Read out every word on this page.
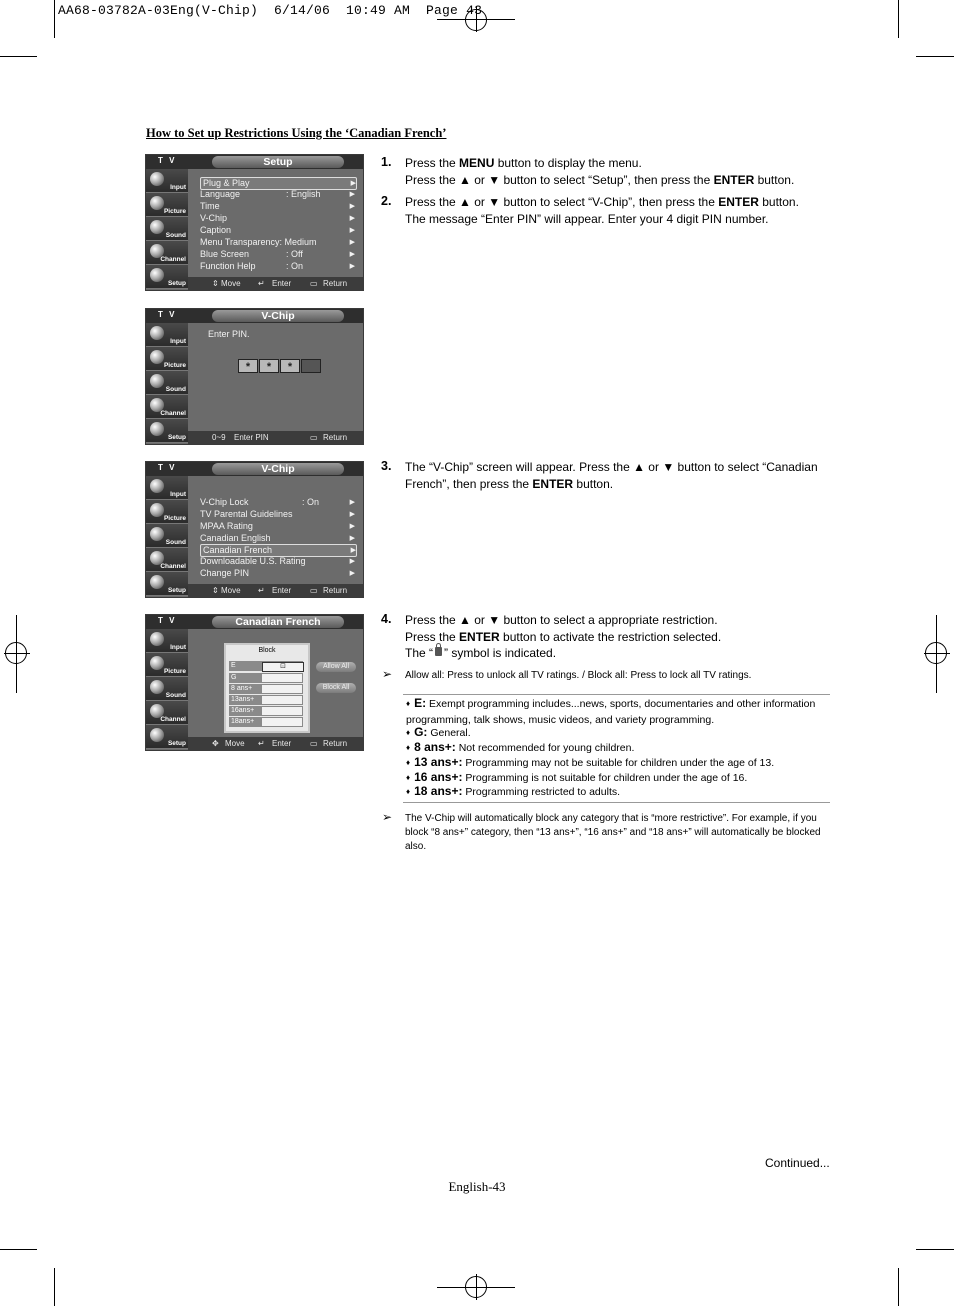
AA68-03782A-03Eng(V-Chip)  6/14/06  10:49 AM  Page 43
How to Set up Restrictions Using the ‘Canadian French’
T V	Setup
Input
Picture
Sound
Channel
Setup
Plug & Play	▶
Language	: English	▶
Time	▶
V-Chip	▶
Caption	▶
Menu Transparency: Medium	▶
Blue Screen	: Off	▶
Function Help	: On	▶
⇕ Move ↵ Enter ▭ Return
T V	V-Chip
Input
Picture
Sound
Channel
Setup
Enter PIN.
*	*	*
0~9 Enter PIN	▭ Return
T V	V-Chip
Input
Picture
Sound
Channel
Setup
V-Chip Lock	: On	▶
TV Parental Guidelines	▶
MPAA Rating	▶
Canadian English	▶
Canadian French	▶
Downloadable U.S. Rating	▶
Change PIN	▶
⇕ Move ↵ Enter ▭ Return
T V	Canadian French
Input
Picture
Sound
Channel
Setup
Block
E	⊡
G
8 ans+
13ans+
16ans+
18ans+
Allow All
Block All
✥ Move ↵ Enter ▭ Return
1. Press the MENU button to display the menu.
Press the ▲ or ▼ button to select “Setup”, then press the ENTER button.
2. Press the ▲ or ▼ button to select “V-Chip”, then press the ENTER button.
The message “Enter PIN” will appear. Enter your 4 digit PIN number.
3. The “V-Chip” screen will appear. Press the ▲ or ▼ button to select “Canadian French”, then press the ENTER button.
4. Press the ▲ or ▼ button to select a appropriate restriction.
Press the ENTER button to activate the restriction selected.
The “ ” symbol is indicated.
➢ Allow all: Press to unlock all TV ratings. / Block all: Press to lock all TV ratings.
♦ E: Exempt programming includes...news, sports, documentaries and other information programming, talk shows, music videos, and variety programming.
♦ G: General.
♦ 8 ans+: Not recommended for young children.
♦ 13 ans+: Programming may not be suitable for children under the age of 13.
♦ 16 ans+: Programming is not suitable for children under the age of 16.
♦ 18 ans+: Programming restricted to adults.
➢ The V-Chip will automatically block any category that is “more restrictive”. For example, if you block “8 ans+” category, then “13 ans+”, “16 ans+” and “18 ans+” will automatically be blocked also.
Continued...
English-43
